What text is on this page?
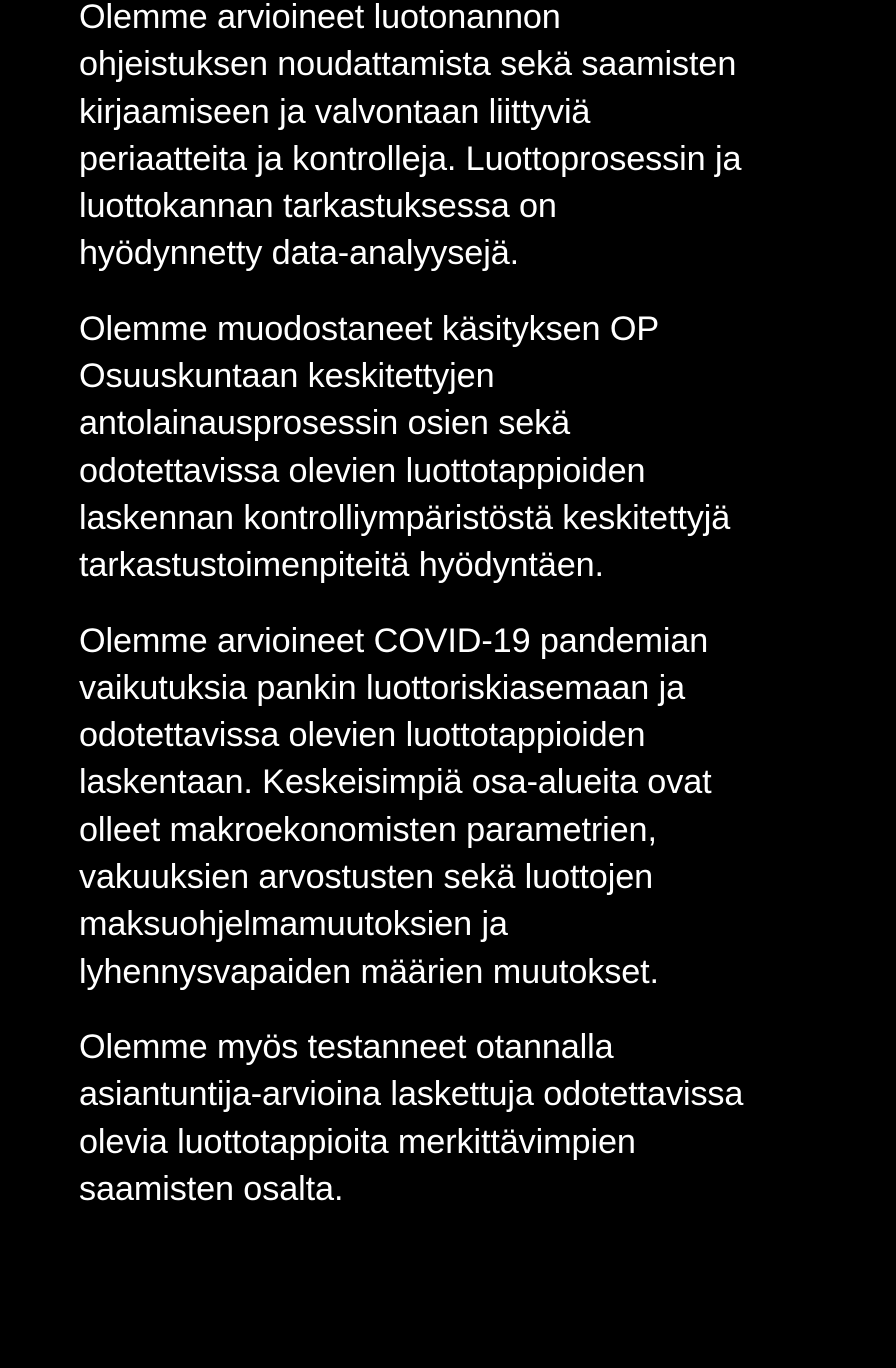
Olemme arvioineet luotonannon
ohjeistuksen noudattamista sekä saamisten
kirjaamiseen ja valvontaan liittyviä
periaatteita ja kontrolleja. Luottoprosessin ja
luottokannan tarkastuksessa on
hyödynnetty data-analyysejä.

Olemme muodostaneet käsityksen OP
Osuuskuntaan keskitettyjen
antolainausprosessin osien sekä
odotettavissa olevien luottotappioiden
laskennan kontrolliympäristöstä keskitettyjä
tarkastustoimenpiteitä hyödyntäen.

Olemme arvioineet COVID-19 pandemian
vaikutuksia pankin luottoriskiasemaan ja
odotettavissa olevien luottotappioiden
laskentaan. Keskeisimpiä osa-alueita ovat
olleet makroekonomisten parametrien,
vakuuksien arvostusten sekä luottojen
maksuohjelmamuutoksien ja
lyhennysvapaiden määrien muutokset.

Olemme myös testanneet otannalla
asiantuntija-arvioina laskettuja odotettavissa
olevia luottotappioita merkittävimpien
saamisten osalta.
